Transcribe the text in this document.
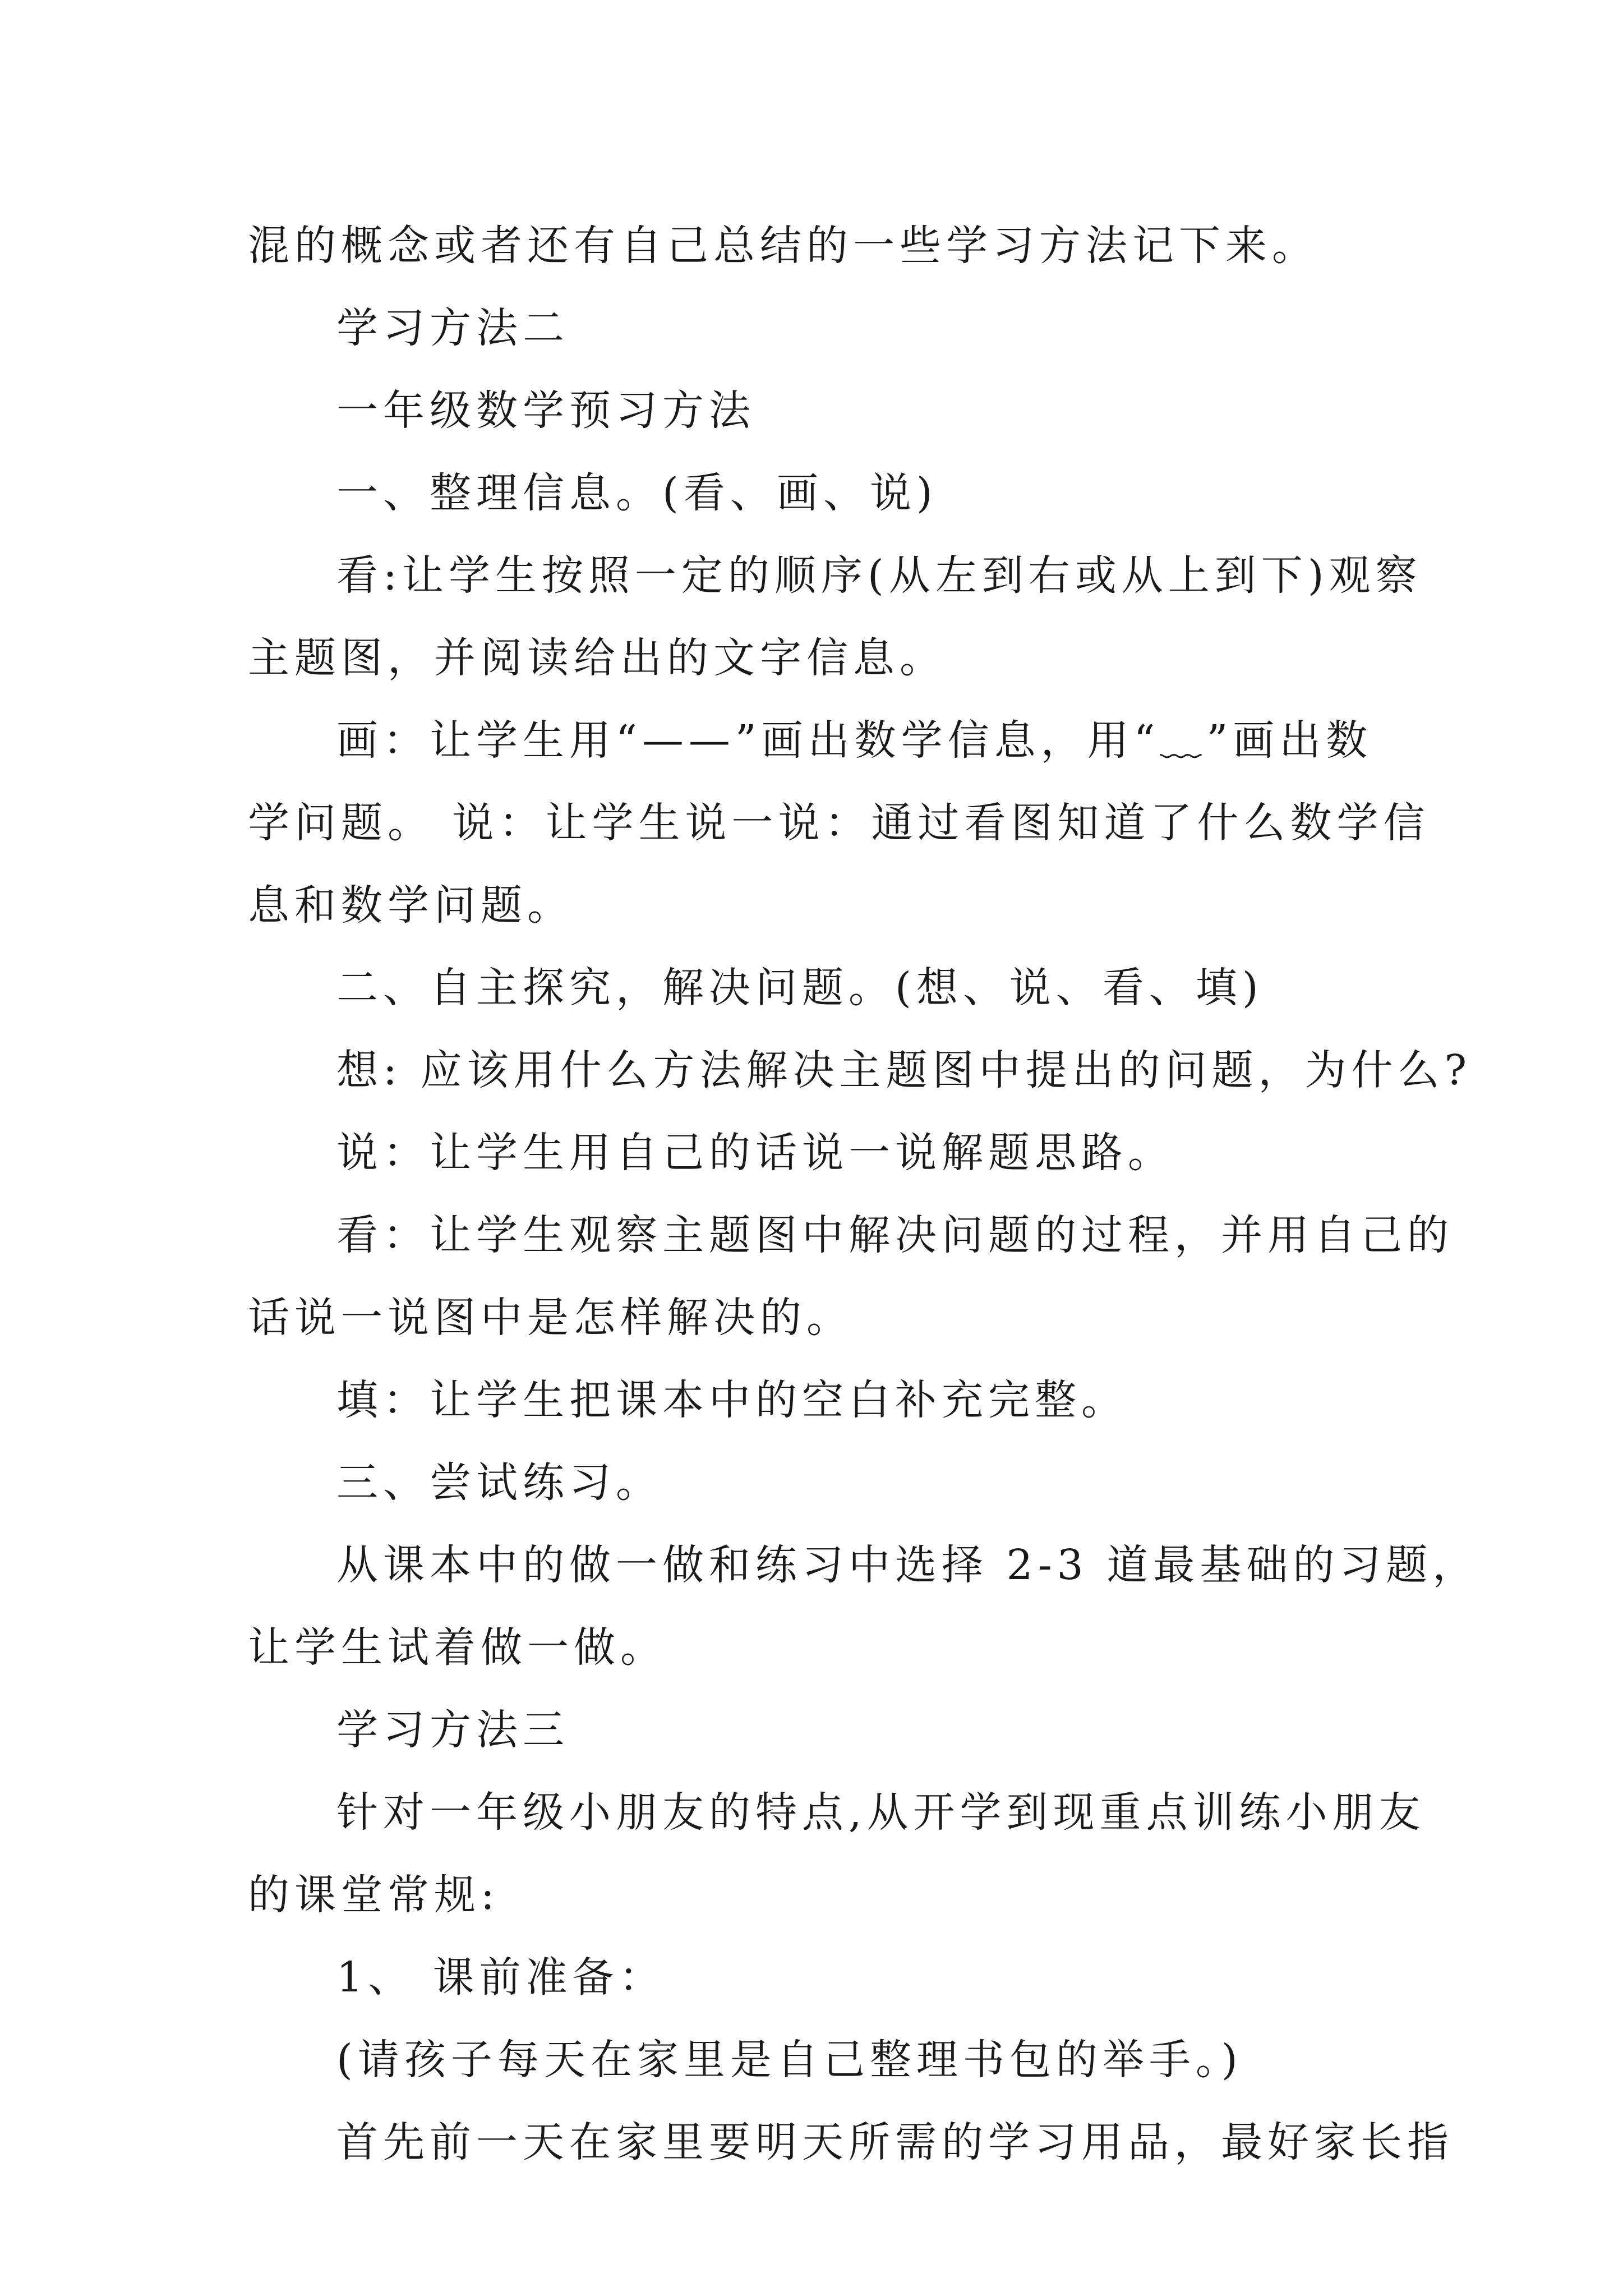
混的概念或者还有自己总结的一些学习方法记下来。

学习方法二

一年级数学预习方法

一、整理信息。(看、画、说)

看:让学生按照一定的顺序(从左到右或从上到下)观察
主题图，并阅读给出的文字信息。

画：让学生用“——”画出数学信息，用“﹏”画出数
学问题。 说：让学生说一说：通过看图知道了什么数学信
息和数学问题。

二、自主探究，解决问题。(想、说、看、填)

想: 应该用什么方法解决主题图中提出的问题，为什么?

说：让学生用自己的话说一说解题思路。

看：让学生观察主题图中解决问题的过程，并用自己的
话说一说图中是怎样解决的。

填：让学生把课本中的空白补充完整。

三、尝试练习。

从课本中的做一做和练习中选择 2-3 道最基础的习题，
让学生试着做一做。

学习方法三

针对一年级小朋友的特点,从开学到现重点训练小朋友
的课堂常规:

1、 课前准备：

(请孩子每天在家里是自己整理书包的举手。)

首先前一天在家里要明天所需的学习用品，最好家长指
